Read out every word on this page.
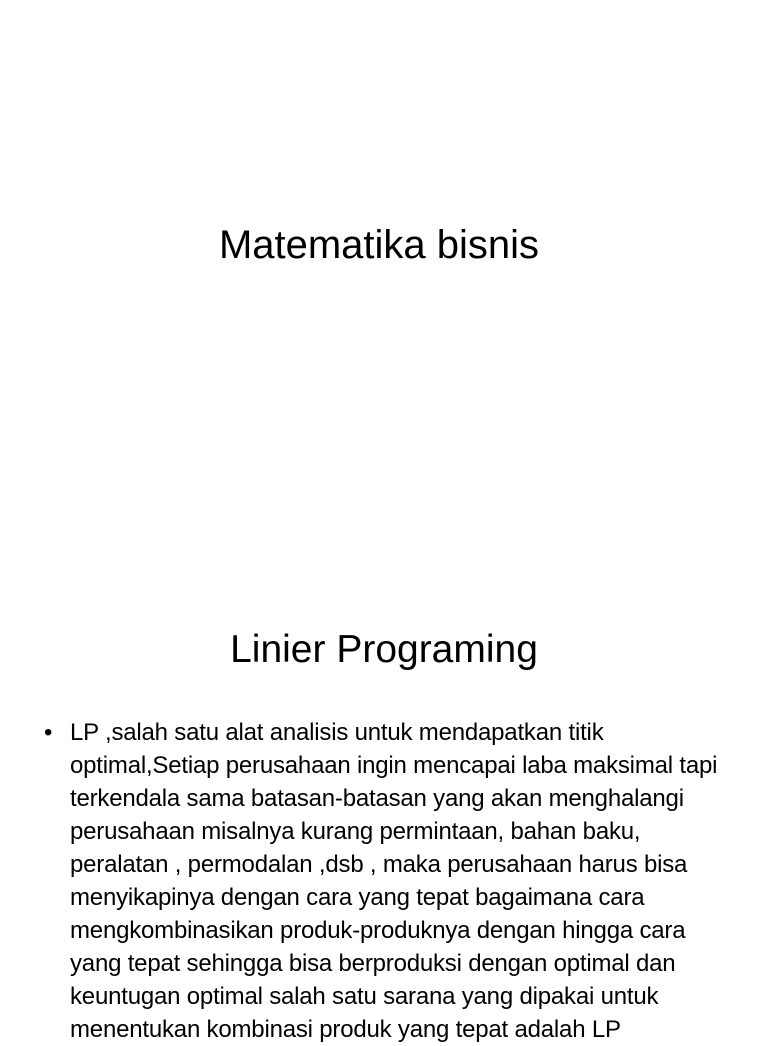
Matematika bisnis
Linier Programing
• LP ,salah satu alat analisis untuk mendapatkan titik optimal,Setiap perusahaan ingin mencapai laba maksimal tapi terkendala sama batasan-batasan yang akan menghalangi perusahaan misalnya kurang permintaan, bahan baku, peralatan , permodalan ,dsb , maka perusahaan harus bisa menyikapinya dengan cara yang tepat bagaimana cara mengkombinasikan produk-produknya dengan hingga cara yang tepat sehingga bisa berproduksi dengan optimal dan keuntugan optimal salah satu sarana yang dipakai untuk menentukan kombinasi produk yang tepat adalah LP
